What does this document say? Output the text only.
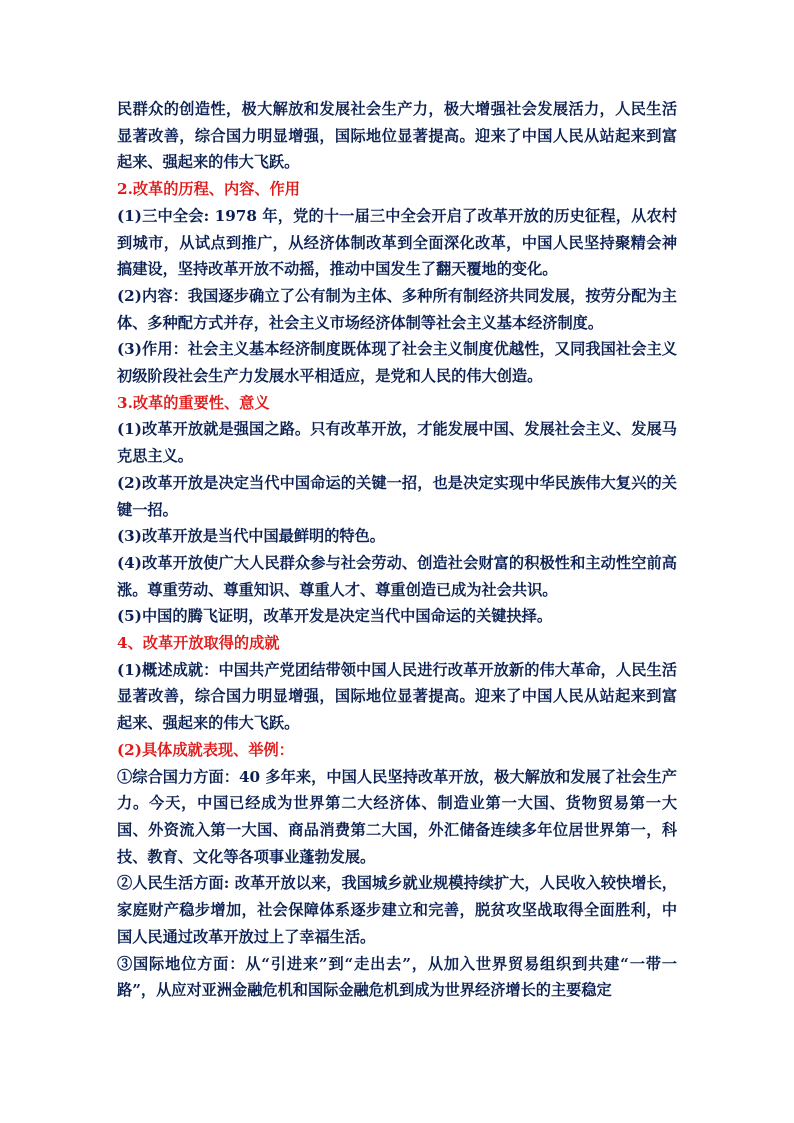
民群众的创造性，极大解放和发展社会生产力，极大增强社会发展活力，人民生活显著改善，综合国力明显增强，国际地位显著提高。迎来了中国人民从站起来到富起来、强起来的伟大飞跃。

2.改革的历程、内容、作用

(1)三中全会: 1978 年，党的十一届三中全会开启了改革开放的历史征程，从农村到城市，从试点到推广，从经济体制改革到全面深化改革，中国人民坚持聚精会神搞建设，坚持改革开放不动摇，推动中国发生了翻天覆地的变化。

(2)内容：我国逐步确立了公有制为主体、多种所有制经济共同发展，按劳分配为主体、多种配方式并存，社会主义市场经济体制等社会主义基本经济制度。

(3)作用：社会主义基本经济制度既体现了社会主义制度优越性，又同我国社会主义初级阶段社会生产力发展水平相适应，是党和人民的伟大创造。

3.改革的重要性、意义

(1)改革开放就是强国之路。只有改革开放，才能发展中国、发展社会主义、发展马克思主义。

(2)改革开放是决定当代中国命运的关键一招，也是决定实现中华民族伟大复兴的关键一招。

(3)改革开放是当代中国最鲜明的特色。

(4)改革开放使广大人民群众参与社会劳动、创造社会财富的积极性和主动性空前高涨。尊重劳动、尊重知识、尊重人才、尊重创造已成为社会共识。

(5)中国的腾飞证明，改革开发是决定当代中国命运的关键抉择。

4、改革开放取得的成就

(1)概述成就：中国共产党团结带领中国人民进行改革开放新的伟大革命，人民生活显著改善，综合国力明显增强，国际地位显著提高。迎来了中国人民从站起来到富起来、强起来的伟大飞跃。

(2)具体成就表现、举例：

①综合国力方面：40 多年来，中国人民坚持改革开放，极大解放和发展了社会生产力。今天，中国已经成为世界第二大经济体、制造业第一大国、货物贸易第一大国、外资流入第一大国、商品消费第二大国，外汇储备连续多年位居世界第一，科技、教育、文化等各项事业蓬勃发展。

②人民生活方面: 改革开放以来，我国城乡就业规模持续扩大，人民收入较快增长，家庭财产稳步增加，社会保障体系逐步建立和完善，脱贫攻坚战取得全面胜利，中国人民通过改革开放过上了幸福生活。

③国际地位方面：从“引进来”到“走出去”，从加入世界贸易组织到共建“一带一路”，从应对亚洲金融危机和国际金融危机到成为世界经济增长的主要稳定
